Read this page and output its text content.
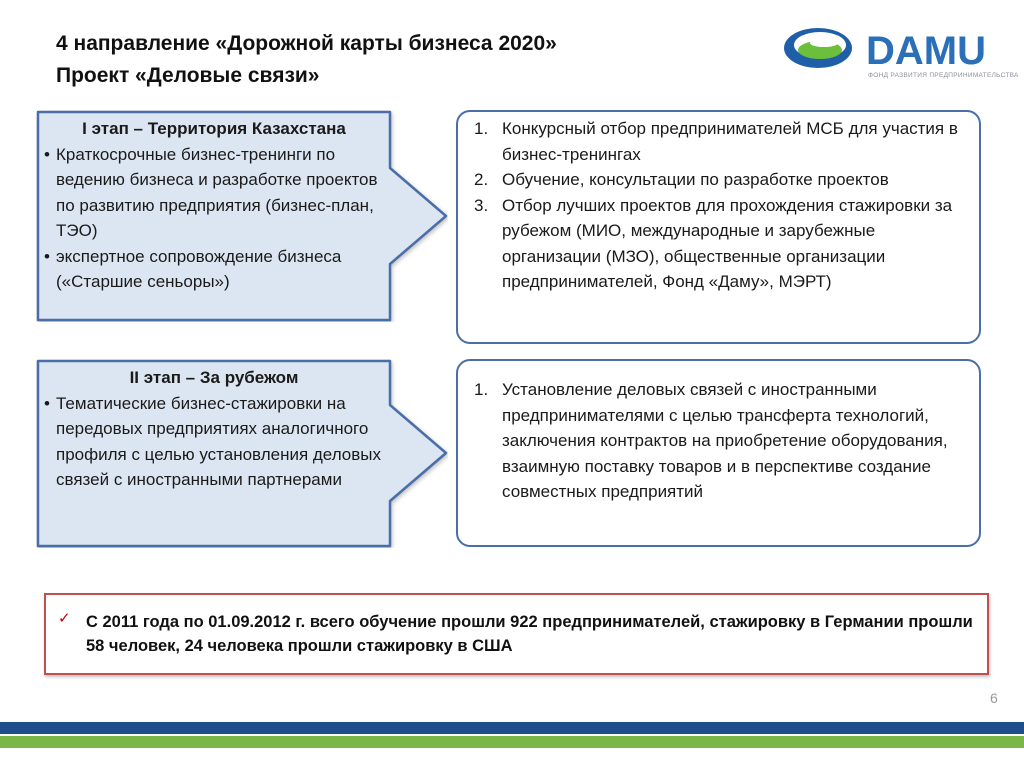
4 направление «Дорожной карты бизнеса 2020»
Проект «Деловые связи»
DAMU
ФОНД РАЗВИТИЯ ПРЕДПРИНИМАТЕЛЬСТВА
I этап – Территория Казахстана
• Краткосрочные бизнес-тренинги по ведению бизнеса и разработке проектов по развитию предприятия (бизнес-план, ТЭО)
• экспертное сопровождение бизнеса («Старшие сеньоры»)
II этап – За рубежом
• Тематические бизнес-стажировки на передовых предприятиях аналогичного профиля с целью установления деловых связей с иностранными партнерами
1. Конкурсный отбор предпринимателей МСБ для участия в бизнес-тренингах
2. Обучение, консультации по разработке проектов
3. Отбор лучших проектов для прохождения стажировки за рубежом (МИО, международные и зарубежные организации (МЗО), общественные организации предпринимателей, Фонд «Даму», МЭРТ)
1. Установление деловых связей с иностранными предпринимателями с целью трансферта технологий, заключения контрактов на приобретение оборудования, взаимную поставку товаров и в перспективе создание совместных предприятий
✓ С 2011 года по 01.09.2012 г. всего обучение прошли 922 предпринимателей, стажировку в Германии прошли 58 человек, 24 человека прошли стажировку в США
6
